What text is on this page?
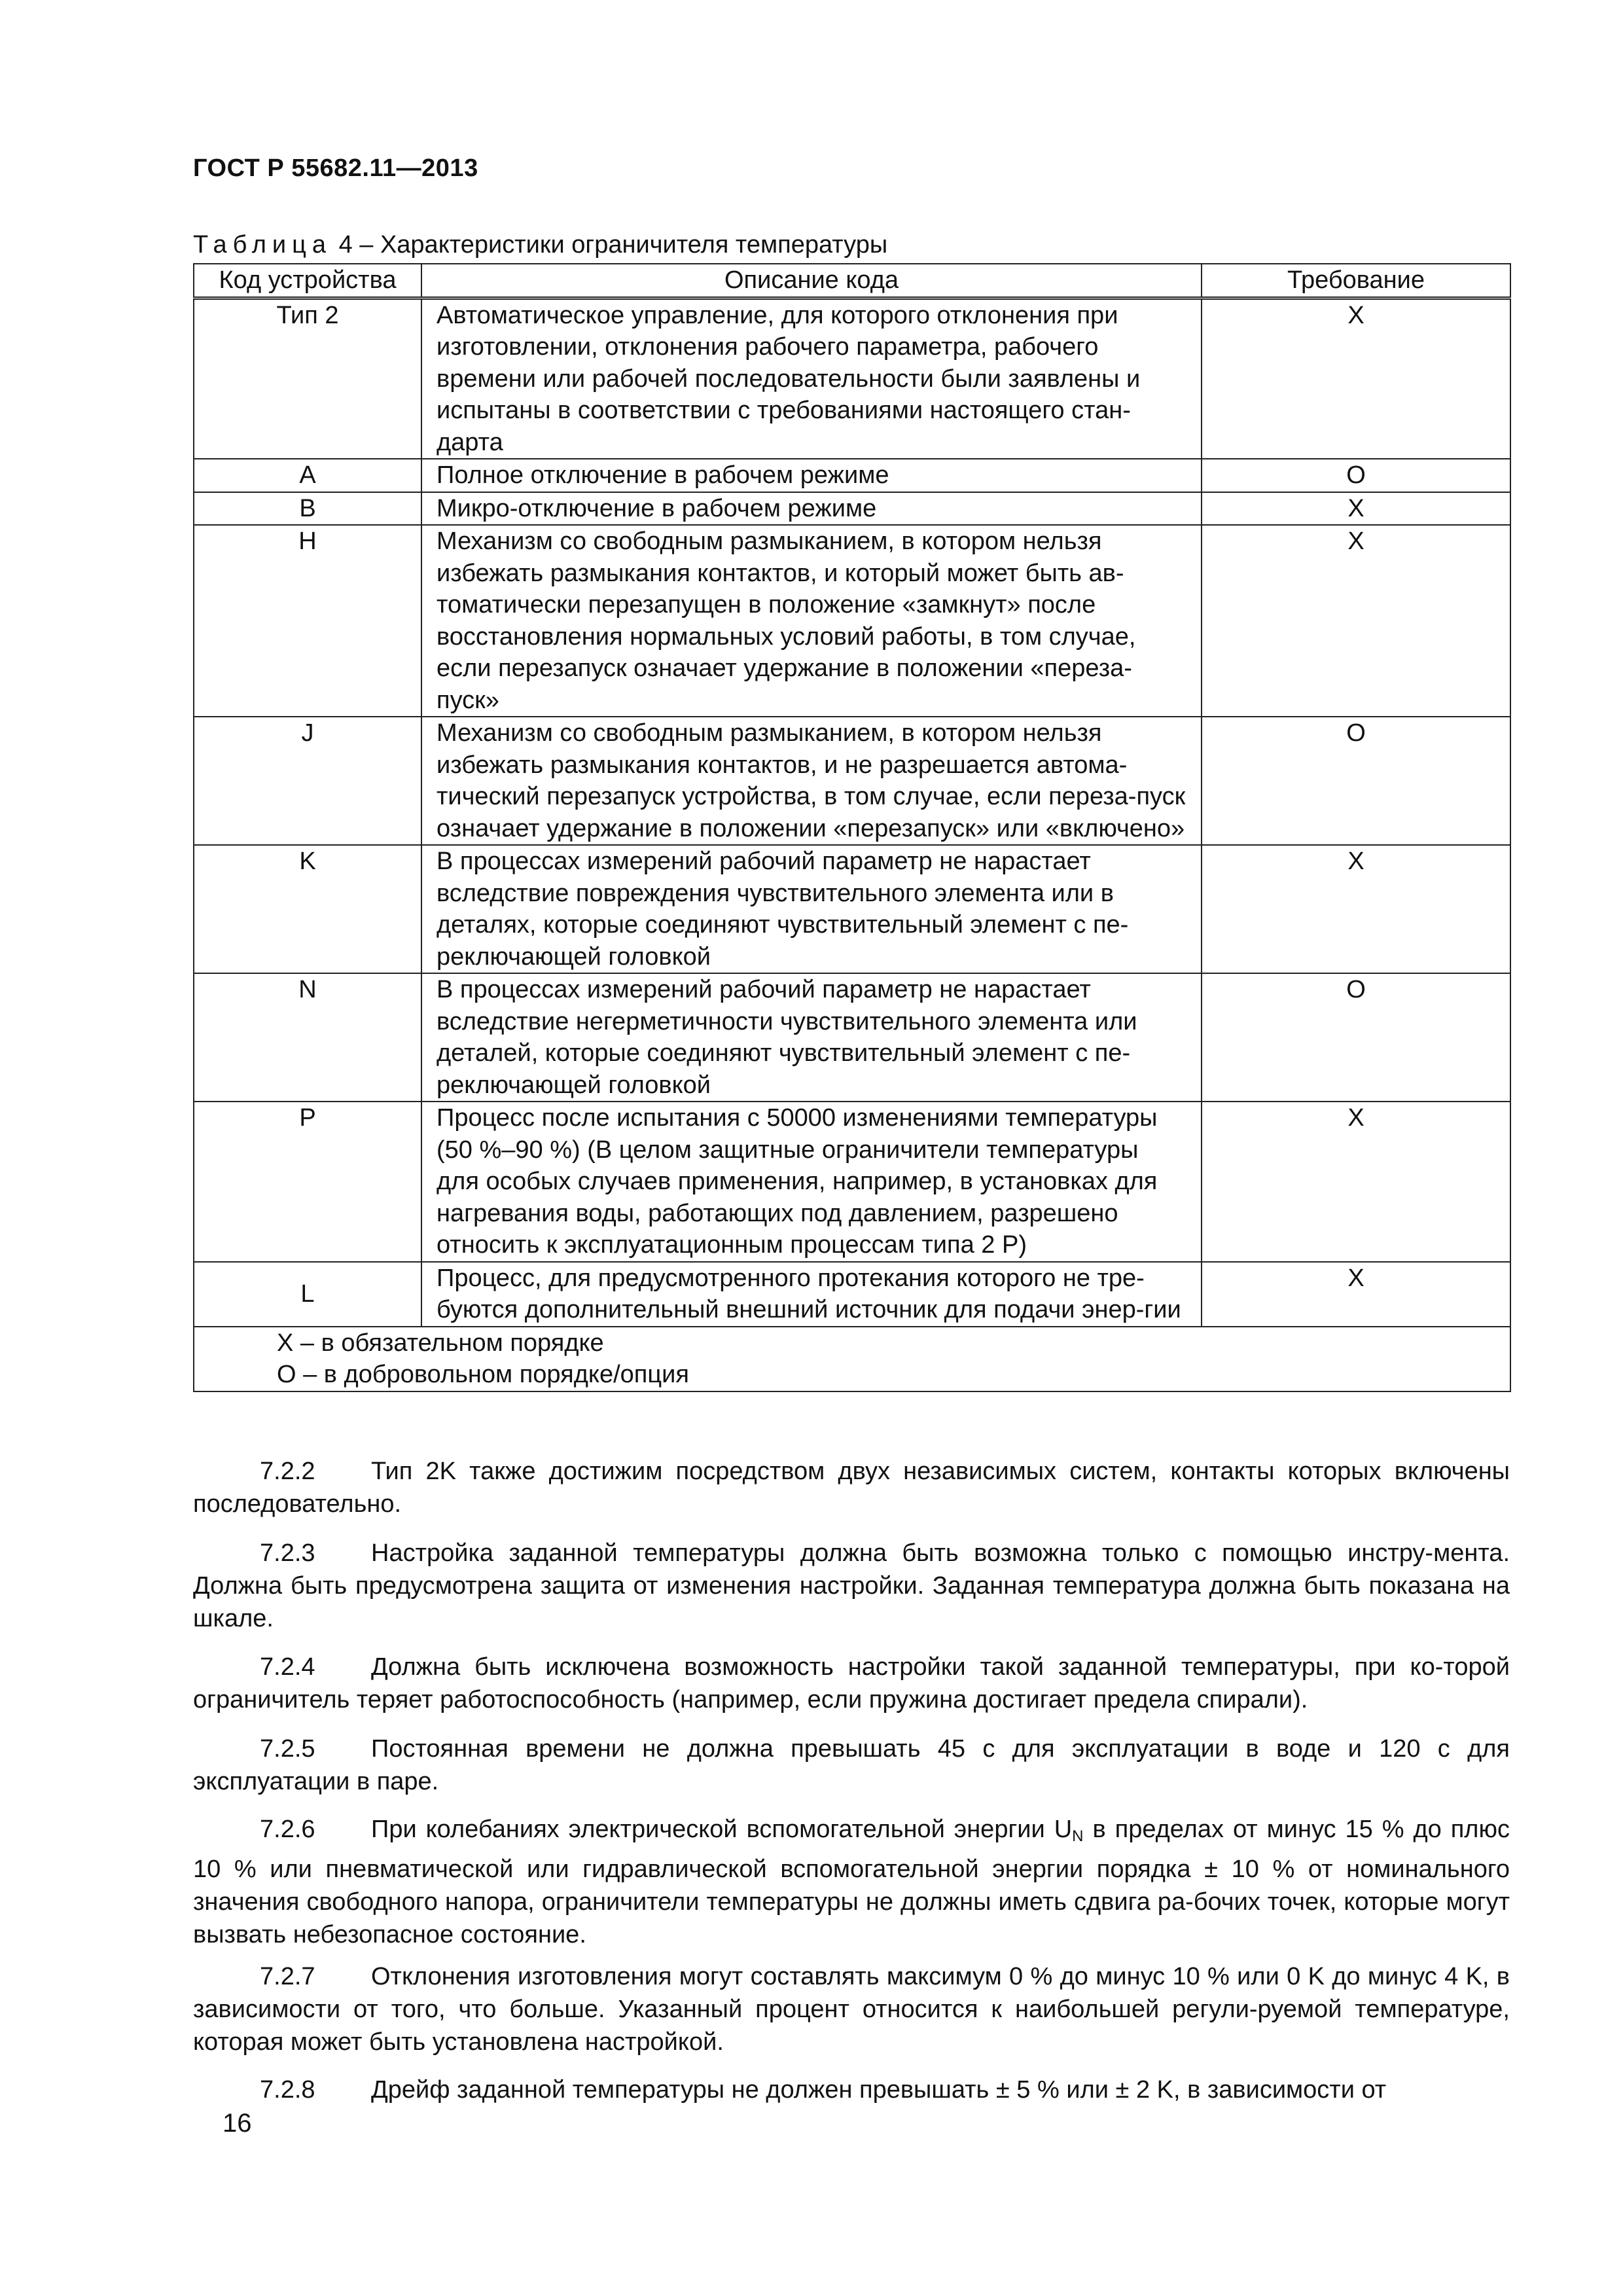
ГОСТ Р 55682.11—2013
Таблица 4 – Характеристики ограничителя температуры
Код устройства	Описание кода	Требование
Тип 2	Автоматическое управление, для которого отклонения при изготовлении, отклонения рабочего параметра, рабочего времени или рабочей последовательности были заявлены и испытаны в соответствии с требованиями настоящего стан-дарта	X
A	Полное отключение в рабочем режиме	O
B	Микро-отключение в рабочем режиме	X
H	Механизм со свободным размыканием, в котором нельзя избежать размыкания контактов, и который может быть ав-томатически перезапущен в положение «замкнут» после восстановления нормальных условий работы, в том случае, если перезапуск означает удержание в положении «переза-пуск»	X
J	Механизм со свободным размыканием, в котором нельзя избежать размыкания контактов, и не разрешается автома-тический перезапуск устройства, в том случае, если переза-пуск означает удержание в положении «перезапуск» или «включено»	O
K	В процессах измерений рабочий параметр не нарастает вследствие повреждения чувствительного элемента или в деталях, которые соединяют чувствительный элемент с пе-реключающей головкой	X
N	В процессах измерений рабочий параметр не нарастает вследствие негерметичности чувствительного элемента или деталей, которые соединяют чувствительный элемент с пе-реключающей головкой	O
P	Процесс после испытания с 50000 изменениями температуры (50 %–90 %) (В целом защитные ограничители температуры для особых случаев применения, например, в установках для нагревания воды, работающих под давлением, разрешено относить к эксплуатационным процессам типа 2 P)	X
L	Процесс, для предусмотренного протекания которого не тре-буются дополнительный внешний источник для подачи энер-гии	X

X – в обязательном порядке
O – в добровольном порядке/опция		
7.2.2 Тип 2K также достижим посредством двух независимых систем, контакты которых включены последовательно.
7.2.3 Настройка заданной температуры должна быть возможна только с помощью инстру-мента. Должна быть предусмотрена защита от изменения настройки. Заданная температура должна быть показана на шкале.
7.2.4 Должна быть исключена возможность настройки такой заданной температуры, при ко-торой ограничитель теряет работоспособность (например, если пружина достигает предела спирали).
7.2.5 Постоянная времени не должна превышать 45 с для эксплуатации в воде и 120 с для эксплуатации в паре.
7.2.6 При колебаниях электрической вспомогательной энергии $U_N$ в пределах от минус 15 % до плюс 10 % или пневматической или гидравлической вспомогательной энергии порядка ± 10 % от номинального значения свободного напора, ограничители температуры не должны иметь сдвига ра-бочих точек, которые могут вызвать небезопасное состояние.
7.2.7 Отклонения изготовления могут составлять максимум 0 % до минус 10 % или 0 K до минус 4 K, в зависимости от того, что больше. Указанный процент относится к наибольшей регули-руемой температуре, которая может быть установлена настройкой.
7.2.8 Дрейф заданной температуры не должен превышать ± 5 % или ± 2 K, в зависимости от
16
